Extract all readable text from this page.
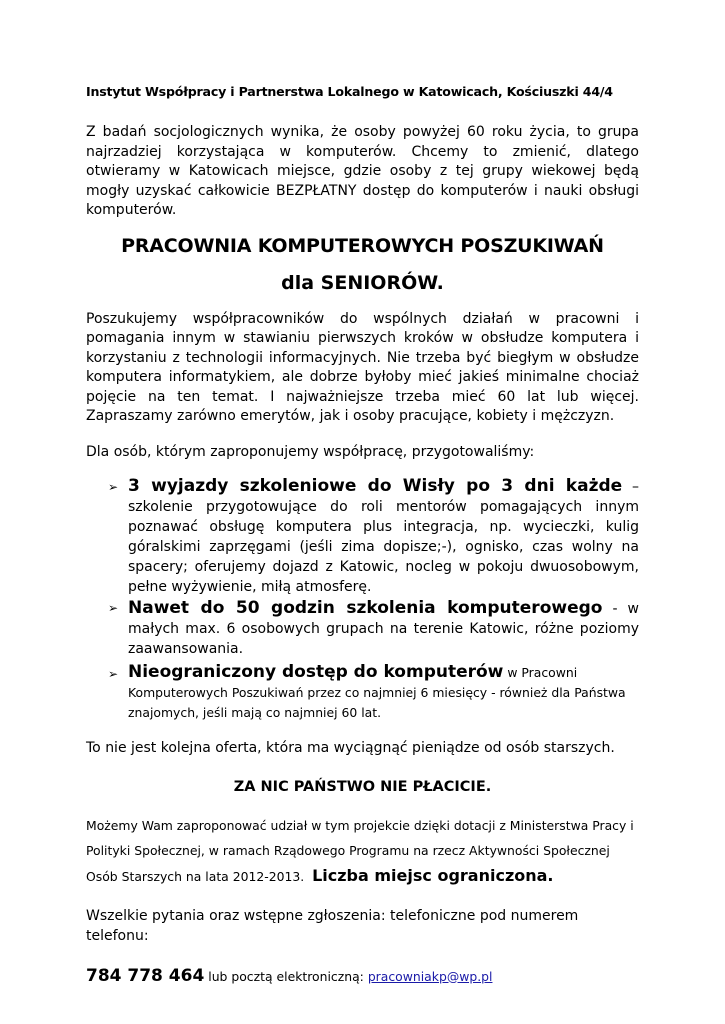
Instytut Współpracy i Partnerstwa Lokalnego w Katowicach, Kościuszki 44/4

Z badań socjologicznych wynika, że osoby powyżej 60 roku życia, to grupa najrzadziej korzystająca w komputerów. Chcemy to zmienić, dlatego otwieramy w Katowicach miejsce, gdzie osoby z tej grupy wiekowej będą mogły uzyskać całkowicie BEZPŁATNY dostęp do komputerów i nauki obsługi komputerów.

PRACOWNIA KOMPUTEROWYCH POSZUKIWAŃ
dla SENIORÓW.

Poszukujemy współpracowników do wspólnych działań w pracowni i pomagania innym w stawianiu pierwszych kroków w obsłudze komputera i korzystaniu z technologii informacyjnych. Nie trzeba być biegłym w obsłudze komputera informatykiem, ale dobrze byłoby mieć jakieś minimalne chociaż pojęcie na ten temat. I najważniejsze trzeba mieć 60 lat lub więcej. Zapraszamy zarówno emerytów, jak i osoby pracujące, kobiety i mężczyzn.

Dla osób, którym zaproponujemy współpracę, przygotowaliśmy:

➢ 3 wyjazdy szkoleniowe do Wisły po 3 dni każde – szkolenie przygotowujące do roli mentorów pomagających innym poznawać obsługę komputera plus integracja, np. wycieczki, kulig góralskimi zaprzęgami (jeśli zima dopisze;-), ognisko, czas wolny na spacery; oferujemy dojazd z Katowic, nocleg w pokoju dwuosobowym, pełne wyżywienie, miłą atmosferę.
➢ Nawet do 50 godzin szkolenia komputerowego - w małych max. 6 osobowych grupach na terenie Katowic, różne poziomy zaawansowania.
➢ Nieograniczony dostęp do komputerów w Pracowni Komputerowych Poszukiwań przez co najmniej 6 miesięcy - również dla Państwa znajomych, jeśli mają co najmniej 60 lat.

To nie jest kolejna oferta, która ma wyciągnąć pieniądze od osób starszych.

ZA NIC PAŃSTWO NIE PŁACICIE.

Możemy Wam zaproponować udział w tym projekcie dzięki dotacji z Ministerstwa Pracy i Polityki Społecznej, w ramach Rządowego Programu na rzecz Aktywności Społecznej Osób Starszych na lata 2012-2013. Liczba miejsc ograniczona.

Wszelkie pytania oraz wstępne zgłoszenia: telefoniczne pod numerem telefonu:

784 778 464 lub pocztą elektroniczną: pracowniakp@wp.pl
